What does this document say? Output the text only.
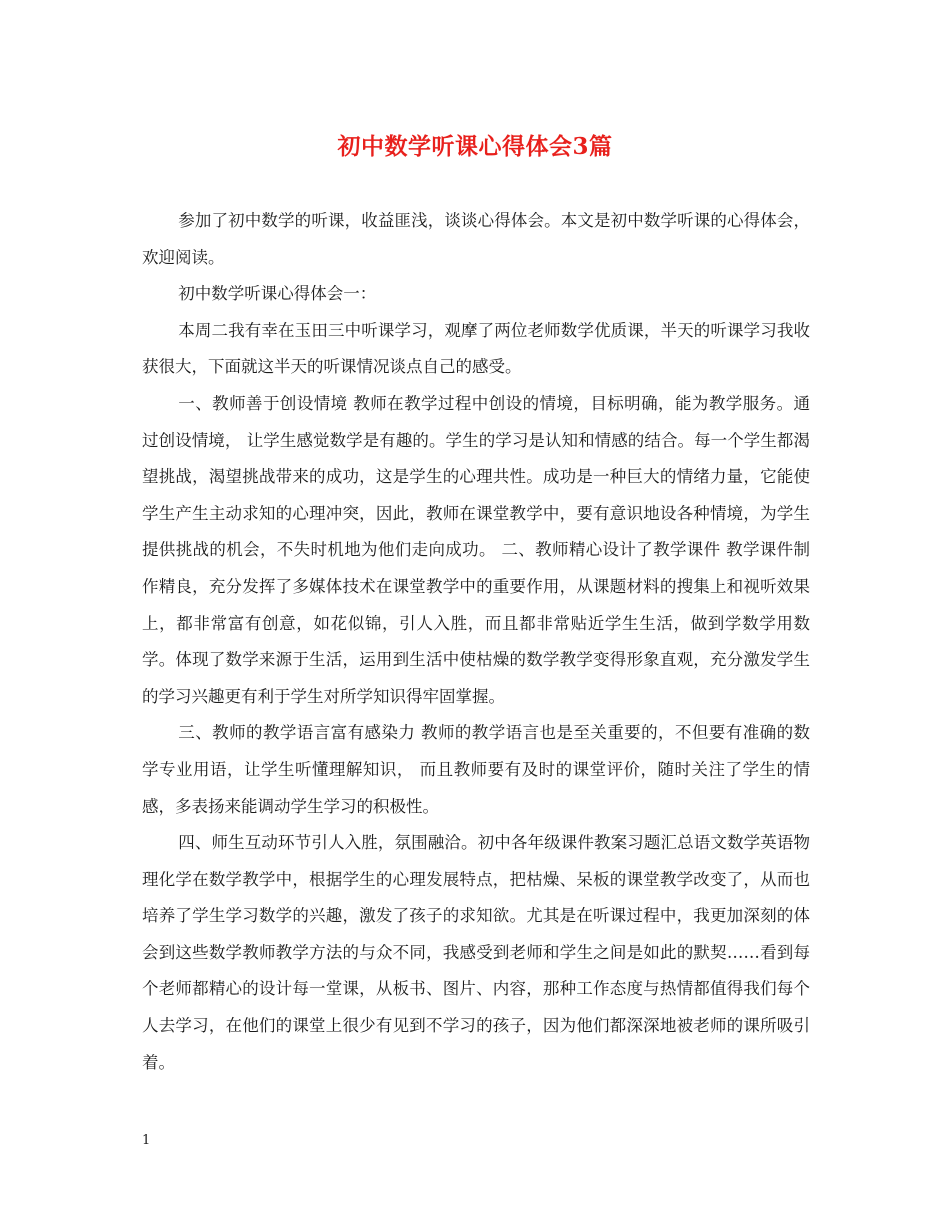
初中数学听课心得体会3篇

参加了初中数学的听课，收益匪浅，谈谈心得体会。本文是初中数学听课的心得体会，欢迎阅读。

初中数学听课心得体会一：

本周二我有幸在玉田三中听课学习，观摩了两位老师数学优质课，半天的听课学习我收获很大，下面就这半天的听课情况谈点自己的感受。

一、教师善于创设情境 教师在教学过程中创设的情境，目标明确，能为教学服务。通过创设情境， 让学生感觉数学是有趣的。学生的学习是认知和情感的结合。每一个学生都渴望挑战，渴望挑战带来的成功，这是学生的心理共性。成功是一种巨大的情绪力量，它能使学生产生主动求知的心理冲突，因此，教师在课堂教学中，要有意识地设各种情境，为学生提供挑战的机会，不失时机地为他们走向成功。 二、教师精心设计了教学课件 教学课件制作精良，充分发挥了多媒体技术在课堂教学中的重要作用，从课题材料的搜集上和视听效果上，都非常富有创意，如花似锦，引人入胜，而且都非常贴近学生生活，做到学数学用数学。体现了数学来源于生活，运用到生活中使枯燥的数学教学变得形象直观，充分激发学生的学习兴趣更有利于学生对所学知识得牢固掌握。

三、教师的教学语言富有感染力 教师的教学语言也是至关重要的，不但要有准确的数学专业用语，让学生听懂理解知识， 而且教师要有及时的课堂评价，随时关注了学生的情感，多表扬来能调动学生学习的积极性。

四、师生互动环节引人入胜，氛围融洽。初中各年级课件教案习题汇总语文数学英语物理化学在数学教学中，根据学生的心理发展特点，把枯燥、呆板的课堂教学改变了，从而也培养了学生学习数学的兴趣，激发了孩子的求知欲。尤其是在听课过程中，我更加深刻的体会到这些数学教师教学方法的与众不同，我感受到老师和学生之间是如此的默契……看到每个老师都精心的设计每一堂课，从板书、图片、内容，那种工作态度与热情都值得我们每个人去学习，在他们的课堂上很少有见到不学习的孩子，因为他们都深深地被老师的课所吸引着。

1
